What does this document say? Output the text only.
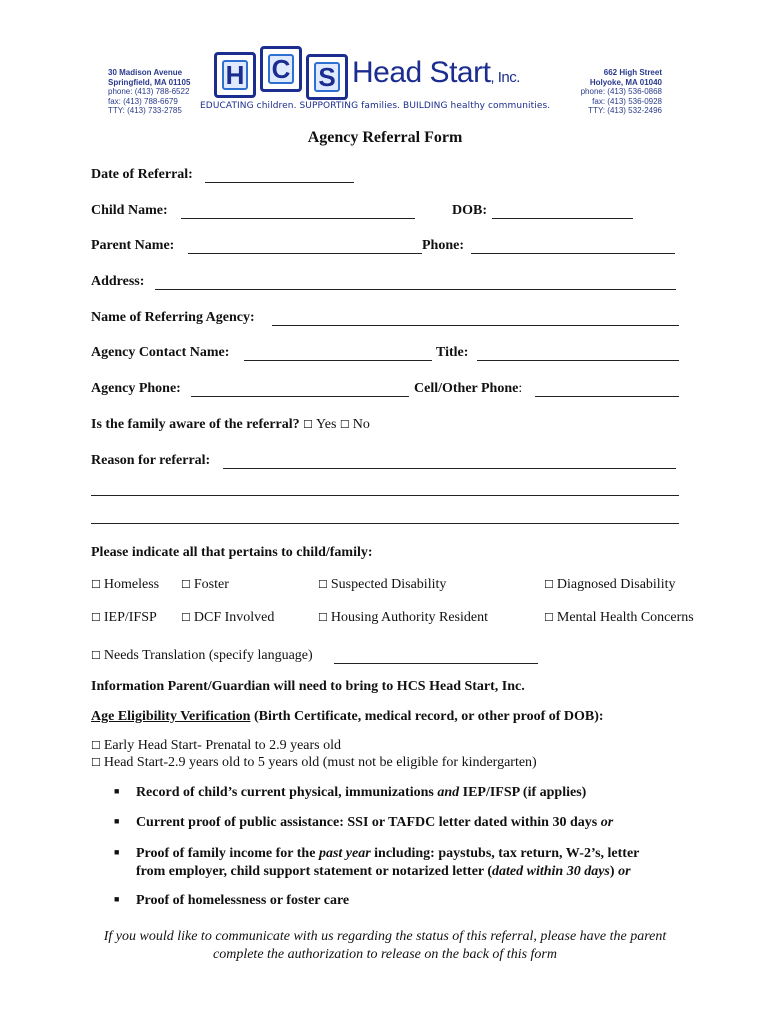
30 Madison Avenue
Springfield, MA 01105
phone: (413) 788-6522
fax: (413) 788-6679
TTY: (413) 733-2785
662 High Street
Holyoke, MA 01040
phone: (413) 536-0868
fax: (413) 536-0928
TTY: (413) 532-2496
H C S Head Start, Inc.
EDUCATING children. SUPPORTING families. BUILDING healthy communities.
Agency Referral Form
Date of Referral:
Child Name:	DOB:
Parent Name:	Phone:
Address:
Name of Referring Agency:
Agency Contact Name:	Title:
Agency Phone:	Cell/Other Phone:
Is the family aware of the referral? ☐ Yes ☐ No
Reason for referral:
Please indicate all that pertains to child/family:
☐ Homeless ☐ Foster	☐ Suspected Disability	☐ Diagnosed Disability
☐ IEP/IFSP ☐ DCF Involved	☐ Housing Authority Resident	☐ Mental Health Concerns
☐ Needs Translation (specify language)
Information Parent/Guardian will need to bring to HCS Head Start, Inc.
Age Eligibility Verification (Birth Certificate, medical record, or other proof of DOB):
☐ Early Head Start- Prenatal to 2.9 years old
☐ Head Start-2.9 years old to 5 years old (must not be eligible for kindergarten)
■ Record of child’s current physical, immunizations and IEP/IFSP (if applies)
■ Current proof of public assistance: SSI or TAFDC letter dated within 30 days or
■ Proof of family income for the past year including: paystubs, tax return, W-2’s, letter
from employer, child support statement or notarized letter (dated within 30 days) or
■ Proof of homelessness or foster care
If you would like to communicate with us regarding the status of this referral, please have the parent
complete the authorization to release on the back of this form
